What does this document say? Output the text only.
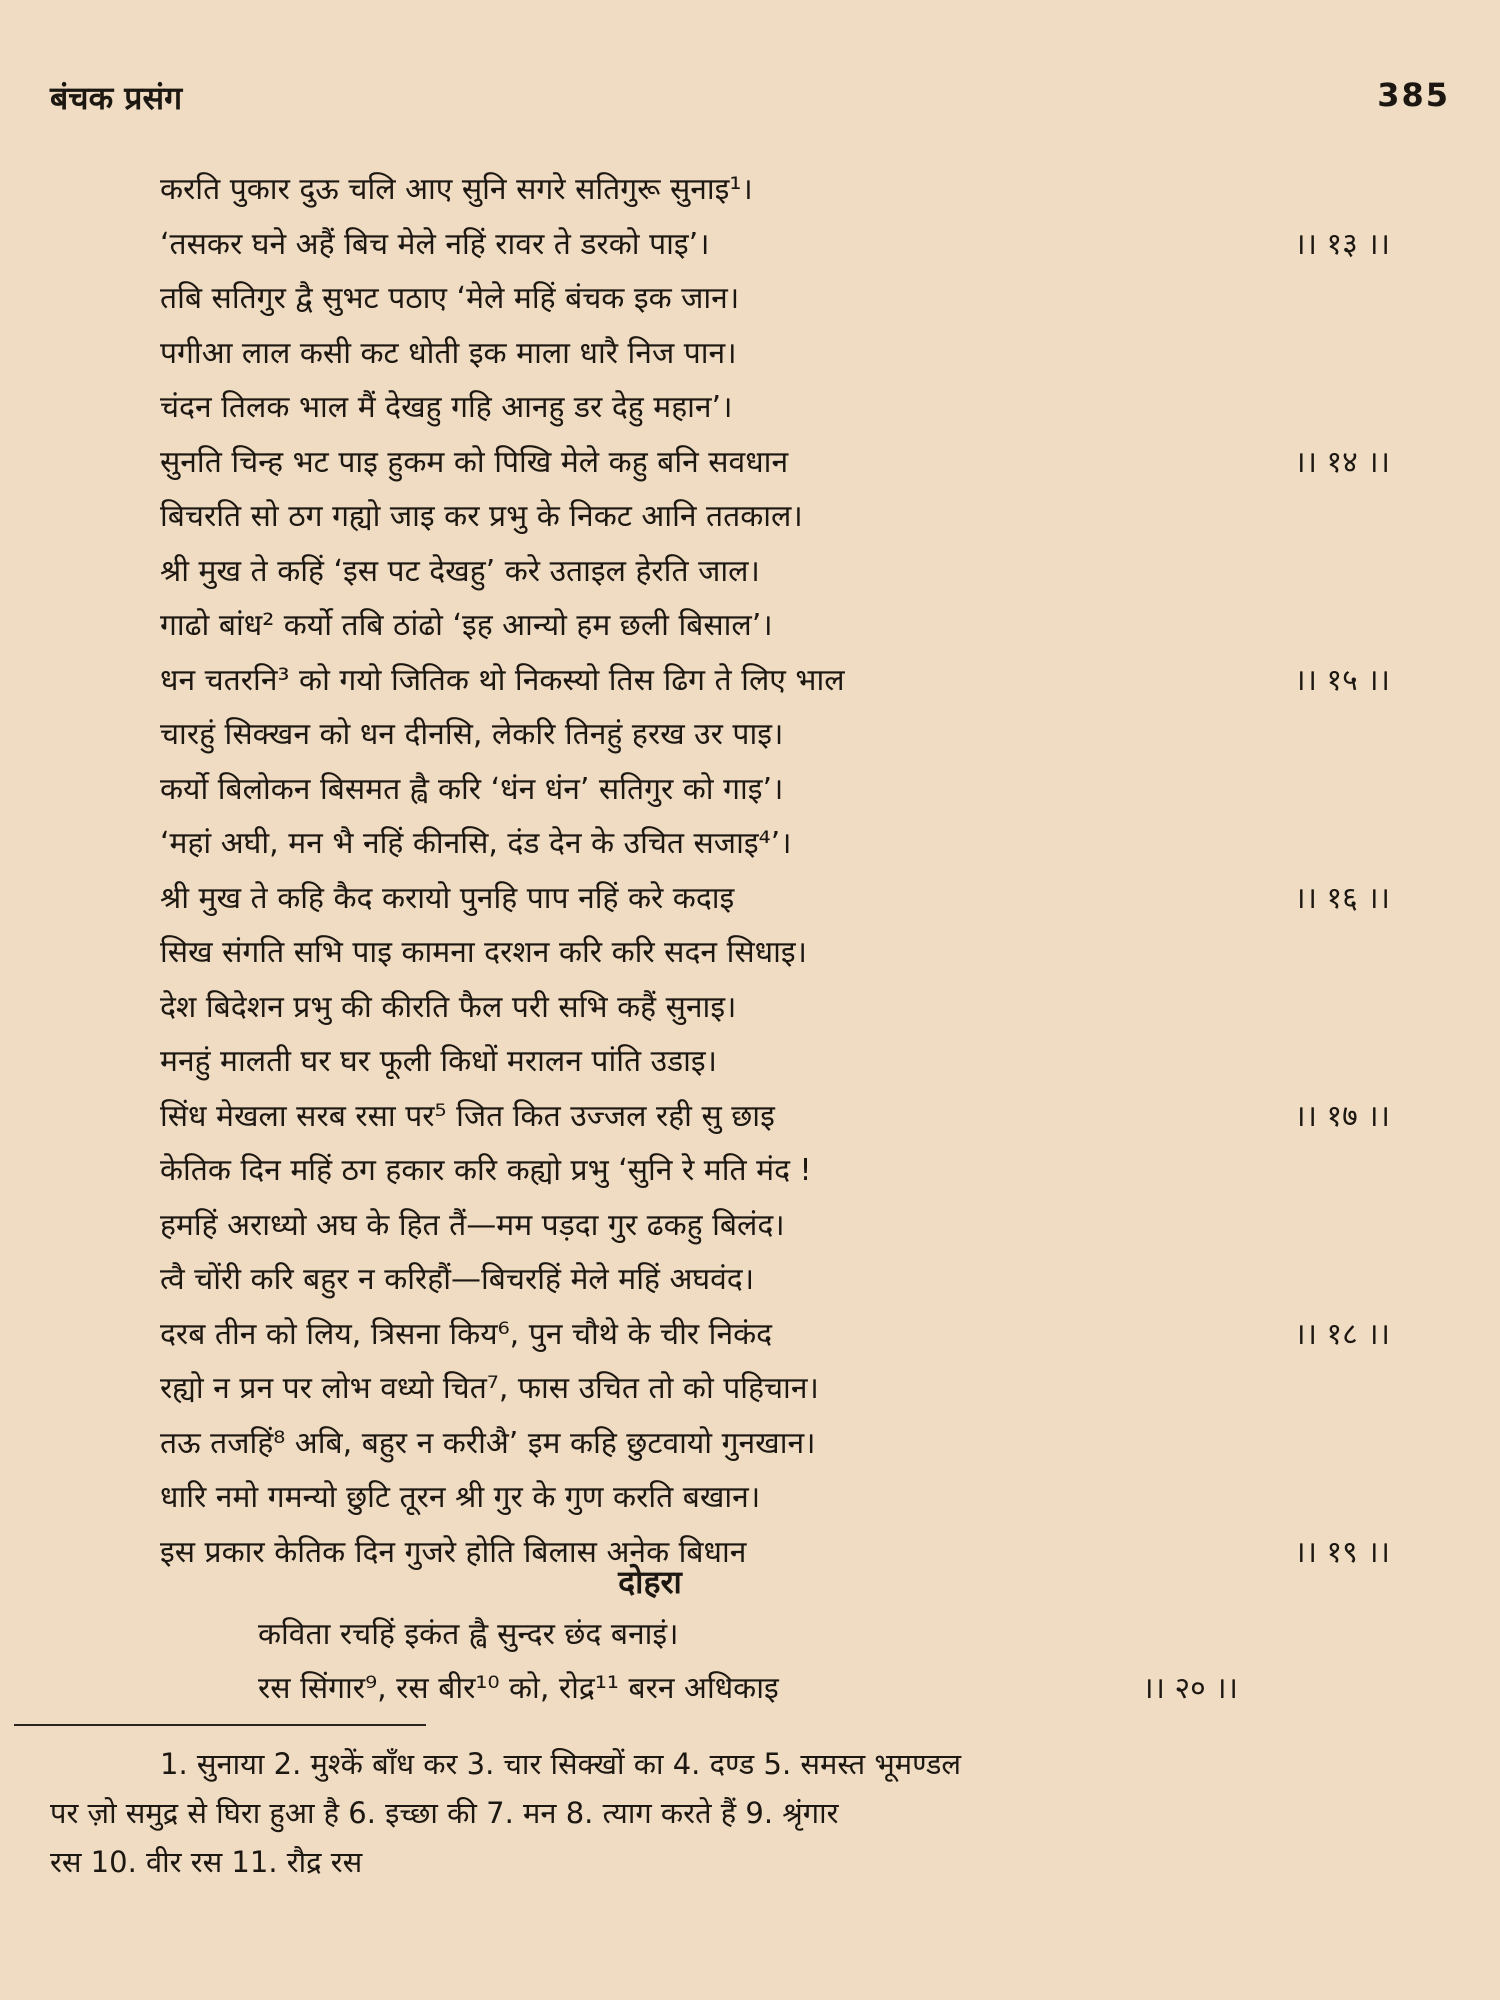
बंचक प्रसंग	385
करति पुकार दुऊ चलि आए सुनि सगरे सतिगुरू सुनाइ¹।
‘तसकर घने अहैं बिच मेले नहिं रावर ते डरको पाइ’।	।। १३ ।।
तबि सतिगुर द्वै सुभट पठाए ‘मेले महिं बंचक इक जान।
पगीआ लाल कसी कट धोती इक माला धारै निज पान।
चंदन तिलक भाल मैं देखहु गहि आनहु डर देहु महान’।
सुनति चिन्ह भट पाइ हुकम को पिखि मेले कहु बनि सवधान	।। १४ ।।
बिचरति सो ठग गह्यो जाइ कर प्रभु के निकट आनि ततकाल।
श्री मुख ते कहिं ‘इस पट देखहु’ करे उताइल हेरति जाल।
गाढो बांध² कर्यो तबि ठांढो ‘इह आन्यो हम छली बिसाल’।
धन चतरनि³ को गयो जितिक थो निकस्यो तिस ढिग ते लिए भाल	।। १५ ।।
चारहुं सिक्खन को धन दीनसि, लेकरि तिनहुं हरख उर पाइ।
कर्यो बिलोकन बिसमत ह्वै करि ‘धंन धंन’ सतिगुर को गाइ’।
‘महां अघी, मन भै नहिं कीनसि, दंड देन के उचित सजाइ⁴’।
श्री मुख ते कहि कैद करायो पुनहि पाप नहिं करे कदाइ	।। १६ ।।
सिख संगति सभि पाइ कामना दरशन करि करि सदन सिधाइ।
देश बिदेशन प्रभु की कीरति फैल परी सभि कहैं सुनाइ।
मनहुं मालती घर घर फूली किधों मरालन पांति उडाइ।
सिंध मेखला सरब रसा पर⁵ जित कित उज्जल रही सु छाइ	।। १७ ।।
केतिक दिन महिं ठग हकार करि कह्यो प्रभु ‘सुनि रे मति मंद !
हमहिं अराध्यो अघ के हित तैं—मम पड़दा गुर ढकहु बिलंद।
त्वै चोंरी करि बहुर न करिहौं—बिचरहिं मेले महिं अघवंद।
दरब तीन को लिय, त्रिसना किय⁶, पुन चौथे के चीर निकंद	।। १८ ।।
रह्यो न प्रन पर लोभ वध्यो चित⁷, फास उचित तो को पहिचान।
तऊ तजहिं⁸ अबि, बहुर न करीअै’ इम कहि छुटवायो गुनखान।
धारि नमो गमन्यो छुटि तूरन श्री गुर के गुण करति बखान।
इस प्रकार केतिक दिन गुजरे होति बिलास अनेक बिधान	।। १९ ।।
दोहरा
कविता रचहिं इकंत ह्वै सुन्दर छंद बनाइं।
रस सिंगार⁹, रस बीर¹⁰ को, रोद्र¹¹ बरन अधिकाइ	।। २० ।।
1. सुनाया 2. मुश्कें बाँध कर 3. चार सिक्खों का 4. दण्ड 5. समस्त भूमण्डल
पर ज़ो समुद्र से घिरा हुआ है 6. इच्छा की 7. मन 8. त्याग करते हैं 9. श्रृंगार
रस 10. वीर रस 11. रौद्र रस
